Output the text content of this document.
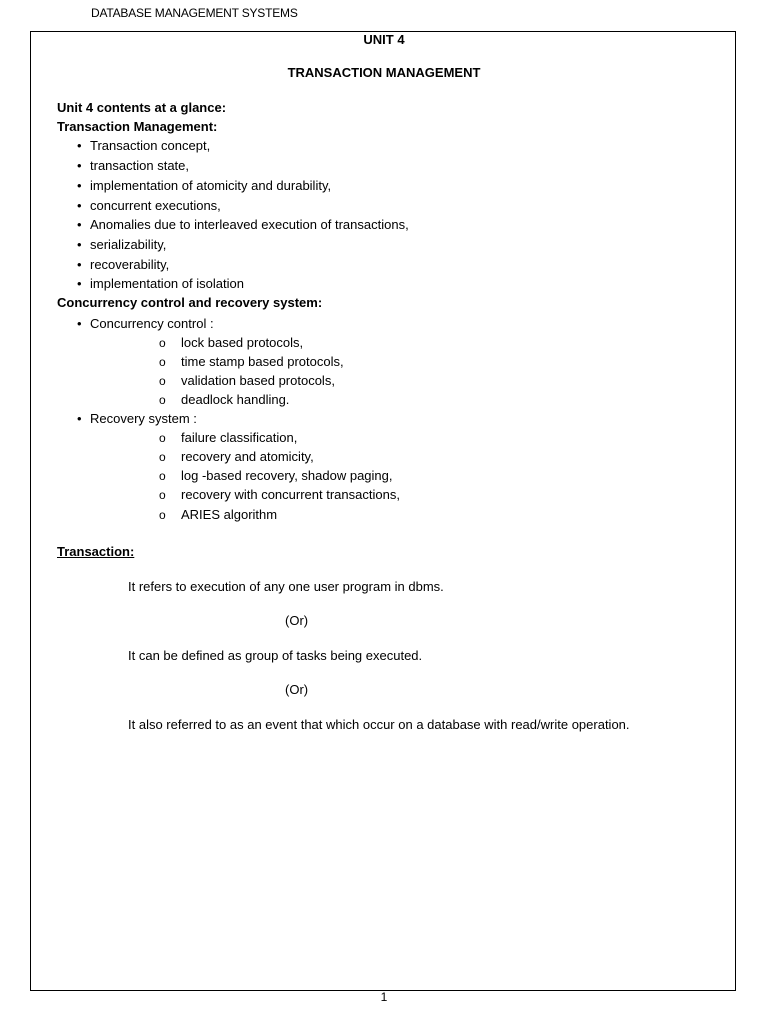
DATABASE MANAGEMENT SYSTEMS
UNIT 4
TRANSACTION MANAGEMENT
Unit 4 contents at a glance:
Transaction Management:
• Transaction concept,
• transaction state,
• implementation of atomicity and durability,
• concurrent executions,
• Anomalies due to interleaved execution of transactions,
• serializability,
• recoverability,
• implementation of isolation
Concurrency control and recovery system:
• Concurrency control :
o lock based protocols,
o time stamp based protocols,
o validation based protocols,
o deadlock handling.
• Recovery system :
o failure classification,
o recovery and atomicity,
o log -based recovery, shadow paging,
o recovery with concurrent transactions,
o ARIES algorithm
Transaction:
It refers to execution of any one user program in dbms.
(Or)
It can be defined as group of tasks being executed.
(Or)
It also referred to as an event that which occur on a database with read/write operation.
1
